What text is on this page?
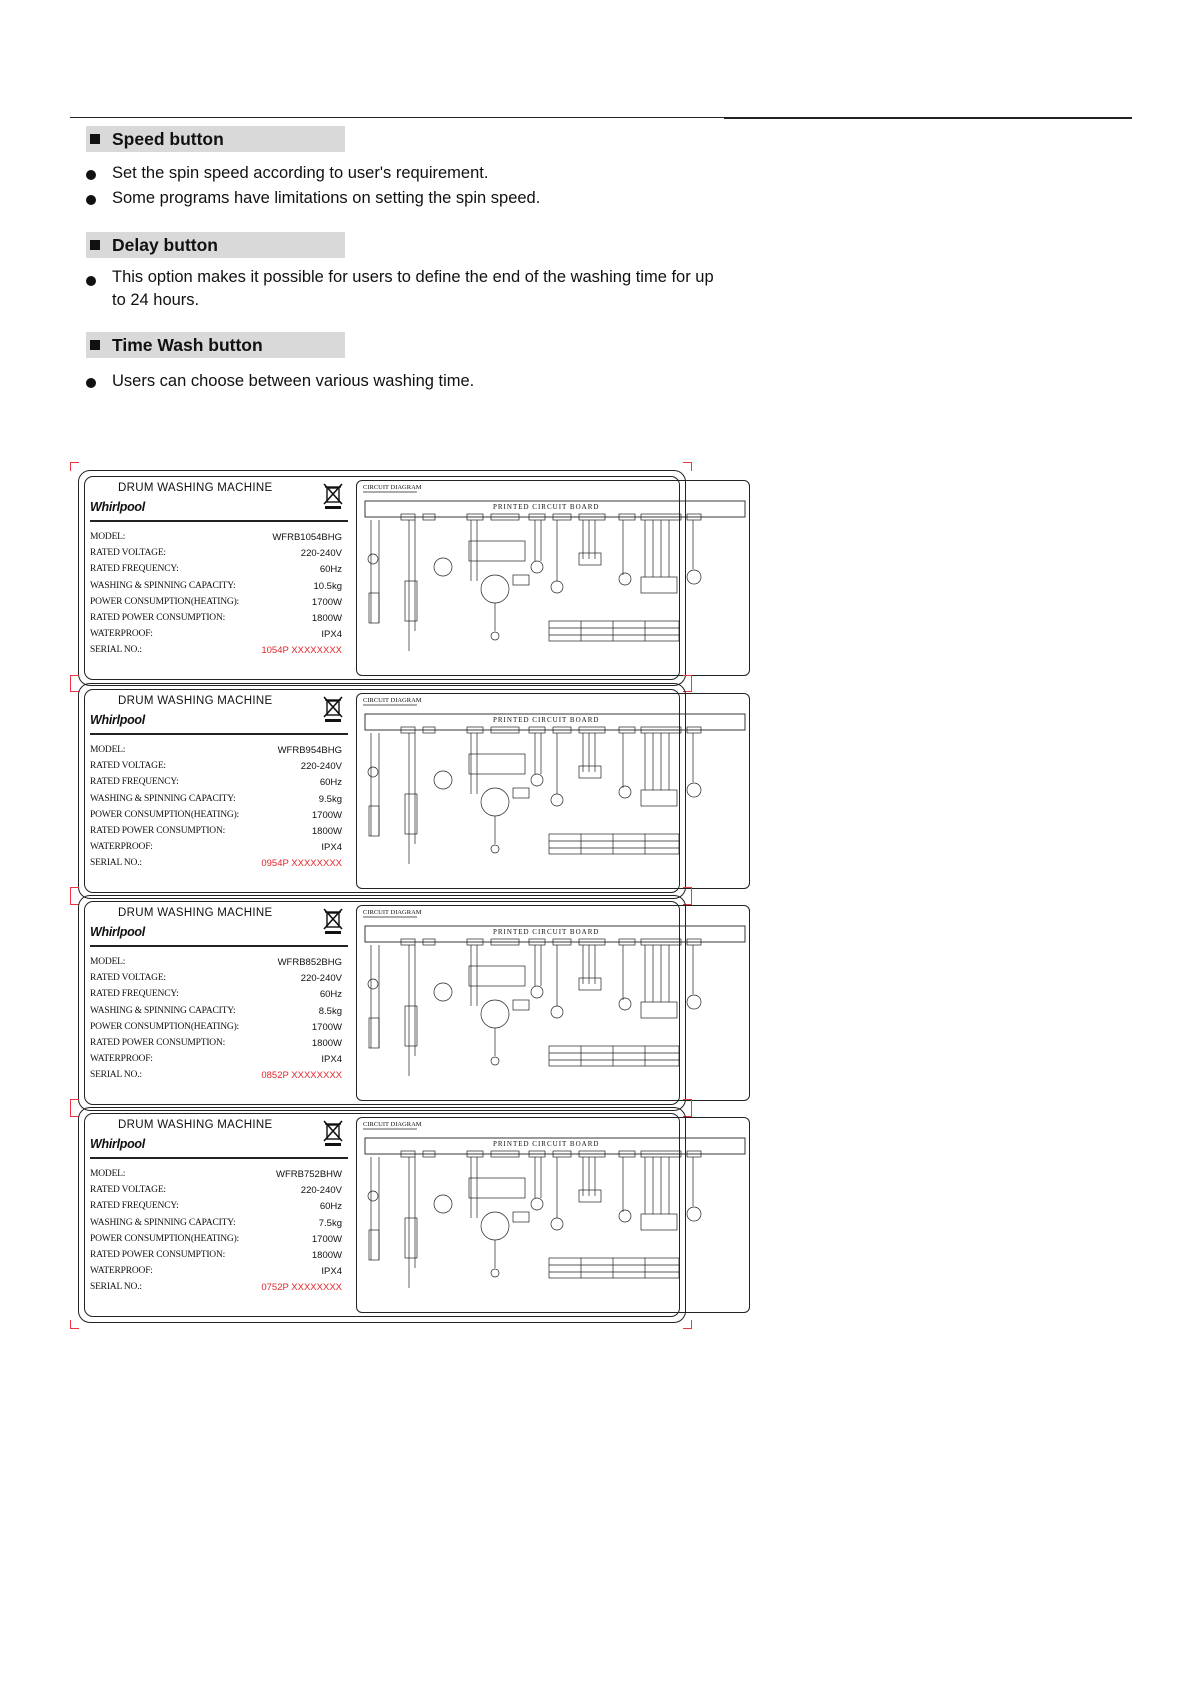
Speed button
Set the spin speed according to user's requirement.
Some programs have limitations on setting the spin speed.
Delay button
This option makes it possible for users to define the end of the washing time for up to 24 hours.
Time Wash button
Users can choose between various washing time.
DRUM WASHING MACHINE
Whirlpool
MODEL:	WFRB1054BHG
RATED VOLTAGE:	220-240V
RATED FREQUENCY:	60Hz
WASHING & SPINNING CAPACITY:	10.5kg
POWER CONSUMPTION(HEATING):	1700W
RATED POWER CONSUMPTION:	1800W
WATERPROOF:	IPX4
SERIAL NO.:	1054P XXXXXXXX
CIRCUIT DIAGRAM
PRINTED CIRCUIT BOARD
DRUM WASHING MACHINE
Whirlpool
MODEL:	WFRB954BHG
RATED VOLTAGE:	220-240V
RATED FREQUENCY:	60Hz
WASHING & SPINNING CAPACITY:	9.5kg
POWER CONSUMPTION(HEATING):	1700W
RATED POWER CONSUMPTION:	1800W
WATERPROOF:	IPX4
SERIAL NO.:	0954P XXXXXXXX
CIRCUIT DIAGRAM
PRINTED CIRCUIT BOARD
DRUM WASHING MACHINE
Whirlpool
MODEL:	WFRB852BHG
RATED VOLTAGE:	220-240V
RATED FREQUENCY:	60Hz
WASHING & SPINNING CAPACITY:	8.5kg
POWER CONSUMPTION(HEATING):	1700W
RATED POWER CONSUMPTION:	1800W
WATERPROOF:	IPX4
SERIAL NO.:	0852P XXXXXXXX
CIRCUIT DIAGRAM
PRINTED CIRCUIT BOARD
DRUM WASHING MACHINE
Whirlpool
MODEL:	WFRB752BHW
RATED VOLTAGE:	220-240V
RATED FREQUENCY:	60Hz
WASHING & SPINNING CAPACITY:	7.5kg
POWER CONSUMPTION(HEATING):	1700W
RATED POWER CONSUMPTION:	1800W
WATERPROOF:	IPX4
SERIAL NO.:	0752P XXXXXXXX
CIRCUIT DIAGRAM
PRINTED CIRCUIT BOARD
